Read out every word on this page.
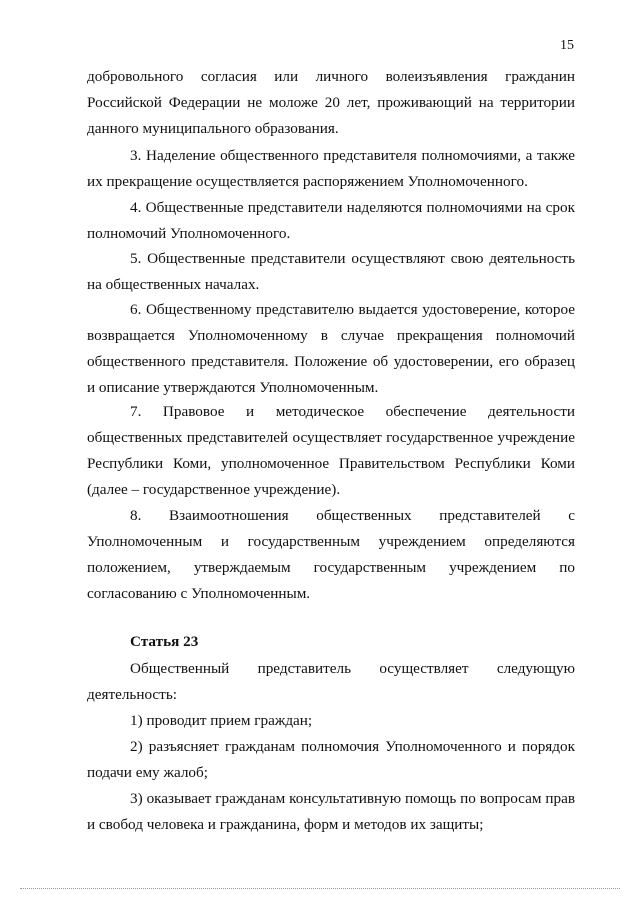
15
добровольного согласия или личного волеизъявления гражданин Российской Федерации не моложе 20 лет, проживающий на территории данного муниципального образования.
3. Наделение общественного представителя полномочиями, а также их прекращение осуществляется распоряжением Уполномоченного.
4. Общественные представители наделяются полномочиями на срок полномочий Уполномоченного.
5. Общественные представители осуществляют свою деятельность на общественных началах.
6. Общественному представителю выдается удостоверение, которое возвращается Уполномоченному в случае прекращения полномочий общественного представителя. Положение об удостоверении, его образец и описание утверждаются Уполномоченным.
7. Правовое и методическое обеспечение деятельности общественных представителей осуществляет государственное учреждение Республики Коми, уполномоченное Правительством Республики Коми (далее – государственное учреждение).
8. Взаимоотношения общественных представителей с Уполномоченным и государственным учреждением определяются положением, утверждаемым государственным учреждением по согласованию с Уполномоченным.
Статья 23
Общественный представитель осуществляет следующую деятельность:
1) проводит прием граждан;
2) разъясняет гражданам полномочия Уполномоченного и порядок подачи ему жалоб;
3) оказывает гражданам консультативную помощь по вопросам прав и свобод человека и гражданина, форм и методов их защиты;
